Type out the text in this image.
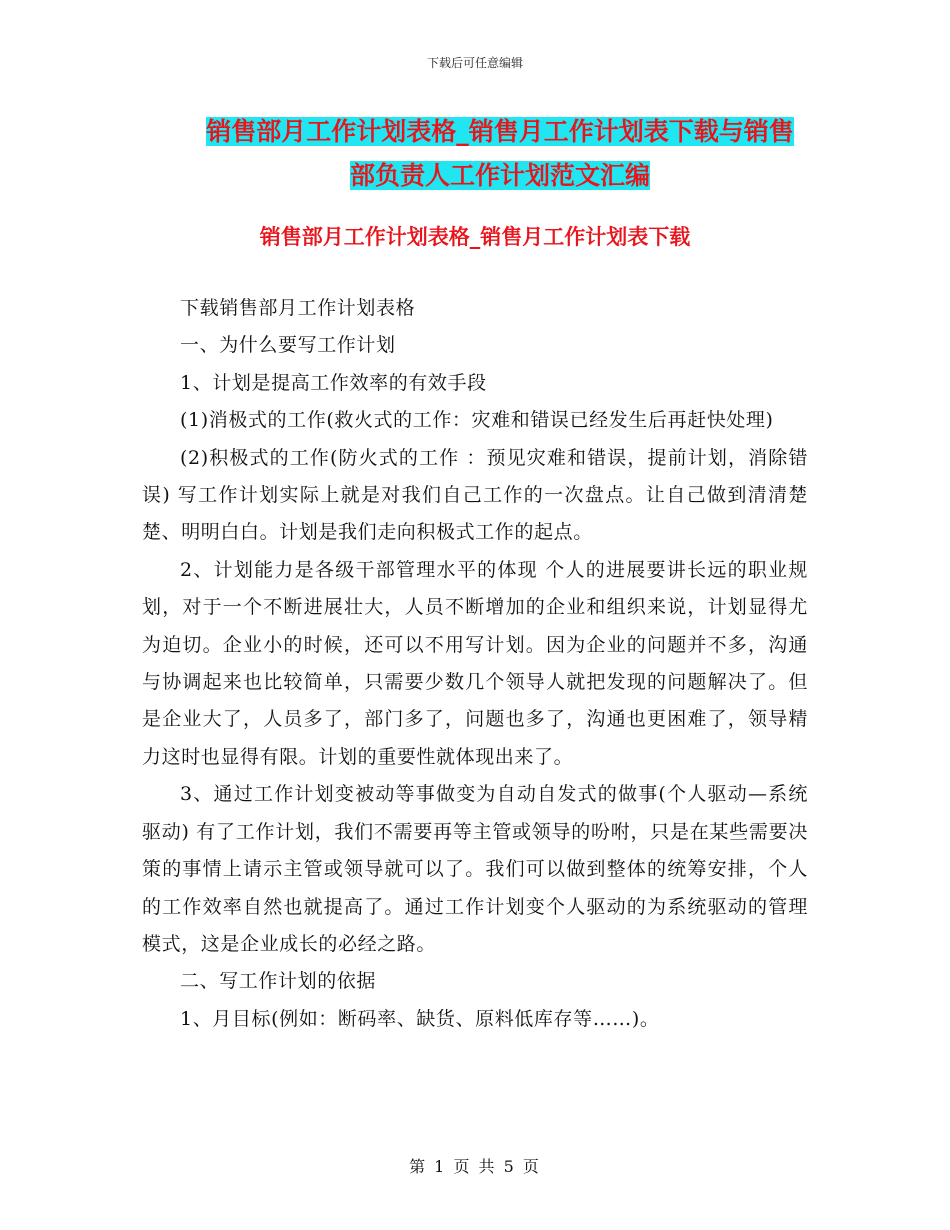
下载后可任意编辑
销售部月工作计划表格_销售月工作计划表下载与销售
部负责人工作计划范文汇编
销售部月工作计划表格_销售月工作计划表下载

下载销售部月工作计划表格

一、为什么要写工作计划

1、计划是提高工作效率的有效手段

(1)消极式的工作(救火式的工作：灾难和错误已经发生后再赶快处理)

(2)积极式的工作(防火式的工作 ：预见灾难和错误，提前计划，消除错误) 写工作计划实际上就是对我们自己工作的一次盘点。让自己做到清清楚楚、明明白白。计划是我们走向积极式工作的起点。

2、计划能力是各级干部管理水平的体现 个人的进展要讲长远的职业规划，对于一个不断进展壮大，人员不断增加的企业和组织来说，计划显得尤为迫切。企业小的时候，还可以不用写计划。因为企业的问题并不多，沟通与协调起来也比较简单，只需要少数几个领导人就把发现的问题解决了。但是企业大了，人员多了，部门多了，问题也多了，沟通也更困难了，领导精力这时也显得有限。计划的重要性就体现出来了。

3、通过工作计划变被动等事做变为自动自发式的做事(个人驱动—系统驱动) 有了工作计划，我们不需要再等主管或领导的吩咐，只是在某些需要决策的事情上请示主管或领导就可以了。我们可以做到整体的统筹安排，个人的工作效率自然也就提高了。通过工作计划变个人驱动的为系统驱动的管理模式，这是企业成长的必经之路。

二、写工作计划的依据

1、月目标(例如：断码率、缺货、原料低库存等……)。

第 1 页 共 5 页
